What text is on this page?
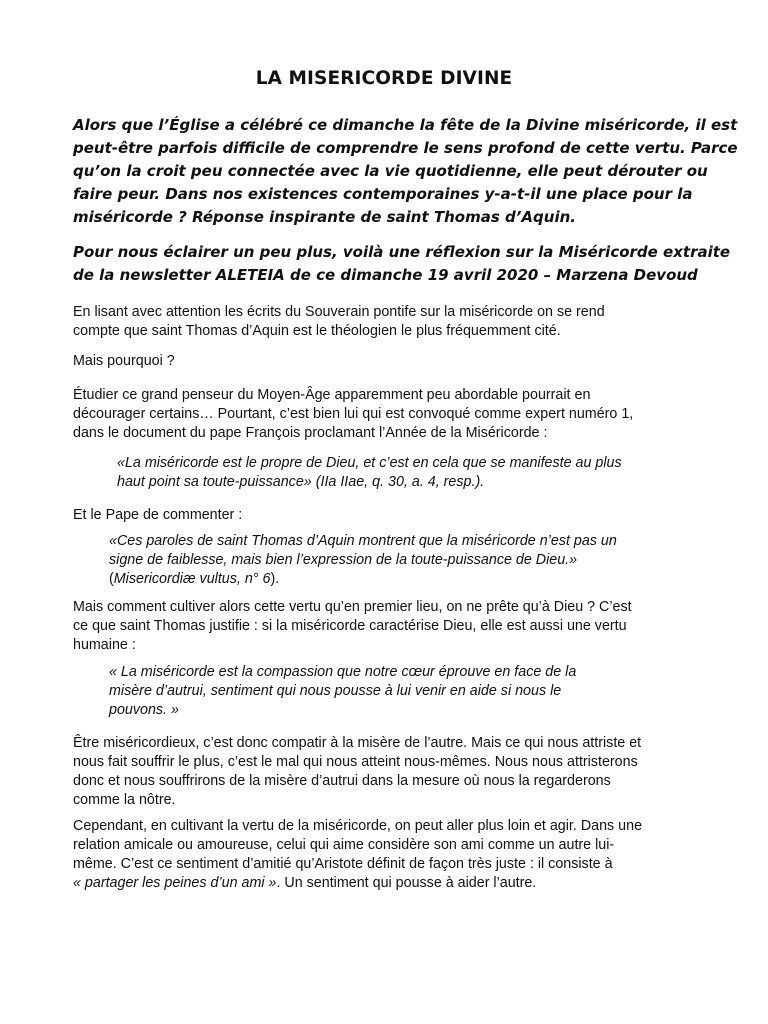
LA MISERICORDE DIVINE
Alors que l’Église a célébré ce dimanche la fête de la Divine miséricorde, il est
peut-être parfois difficile de comprendre le sens profond de cette vertu. Parce
qu’on la croit peu connectée avec la vie quotidienne, elle peut dérouter ou
faire peur. Dans nos existences contemporaines y-a-t-il une place pour la
miséricorde ? Réponse inspirante de saint Thomas d’Aquin.
Pour nous éclairer un peu plus, voilà une réflexion sur la Miséricorde extraite
de la newsletter ALETEIA de ce dimanche 19 avril 2020 – Marzena Devoud
En lisant avec attention les écrits du Souverain pontife sur la miséricorde on se rend
compte que saint Thomas d’Aquin est le théologien le plus fréquemment cité.
Mais pourquoi ?
Étudier ce grand penseur du Moyen-Âge apparemment peu abordable pourrait en
décourager certains… Pourtant, c’est bien lui qui est convoqué comme expert numéro 1,
dans le document du pape François proclamant l’Année de la Miséricorde :
«La miséricorde est le propre de Dieu, et c’est en cela que se manifeste au plus
haut point sa toute-puissance» (IIa IIae, q. 30, a. 4, resp.).
Et le Pape de commenter :
«Ces paroles de saint Thomas d’Aquin montrent que la miséricorde n’est pas un
signe de faiblesse, mais bien l’expression de la toute-puissance de Dieu.»
(Misericordiæ vultus, n° 6).
Mais comment cultiver alors cette vertu qu’en premier lieu, on ne prête qu’à Dieu ? C’est
ce que saint Thomas justifie : si la miséricorde caractérise Dieu, elle est aussi une vertu
humaine :
« La miséricorde est la compassion que notre cœur éprouve en face de la
misère d’autrui, sentiment qui nous pousse à lui venir en aide si nous le
pouvons. »
Être miséricordieux, c’est donc compatir à la misère de l’autre. Mais ce qui nous attriste et
nous fait souffrir le plus, c’est le mal qui nous atteint nous-mêmes. Nous nous attristerons
donc et nous souffrirons de la misère d’autrui dans la mesure où nous la regarderons
comme la nôtre.
Cependant, en cultivant la vertu de la miséricorde, on peut aller plus loin et agir. Dans une
relation amicale ou amoureuse, celui qui aime considère son ami comme un autre lui-
même. C’est ce sentiment d’amitié qu’Aristote définit de façon très juste : il consiste à
« partager les peines d’un ami ». Un sentiment qui pousse à aider l’autre.
